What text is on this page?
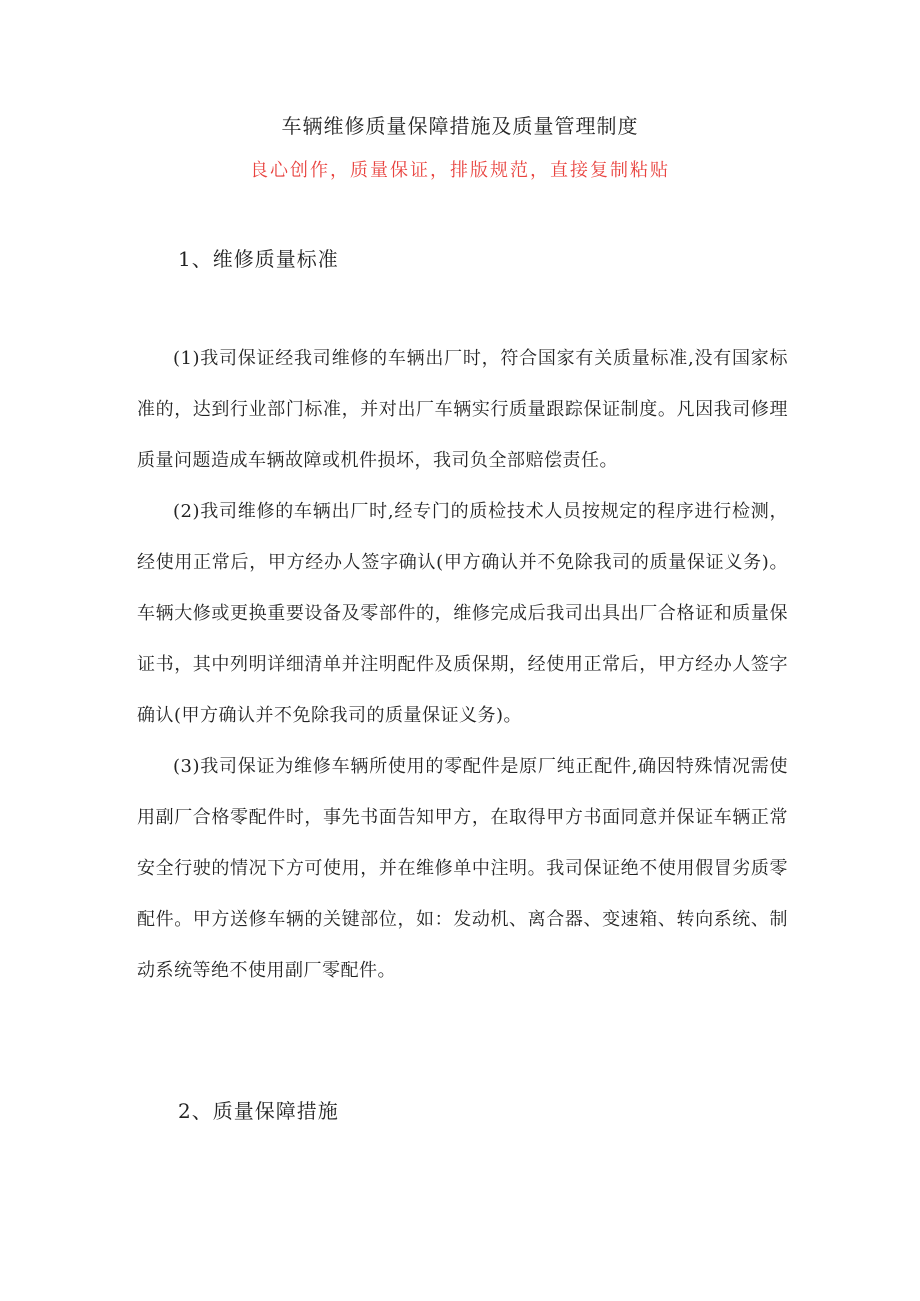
车辆维修质量保障措施及质量管理制度
良心创作，质量保证，排版规范，直接复制粘贴
1、维修质量标准

(1)我司保证经我司维修的车辆出厂时，符合国家有关质量标准,没有国家标准的，达到行业部门标准，并对出厂车辆实行质量跟踪保证制度。凡因我司修理质量问题造成车辆故障或机件损坏，我司负全部赔偿责任。

(2)我司维修的车辆出厂时,经专门的质检技术人员按规定的程序进行检测，经使用正常后，甲方经办人签字确认(甲方确认并不免除我司的质量保证义务)。车辆大修或更换重要设备及零部件的，维修完成后我司出具出厂合格证和质量保证书，其中列明详细清单并注明配件及质保期，经使用正常后，甲方经办人签字确认(甲方确认并不免除我司的质量保证义务)。

(3)我司保证为维修车辆所使用的零配件是原厂纯正配件,确因特殊情况需使用副厂合格零配件时，事先书面告知甲方，在取得甲方书面同意并保证车辆正常安全行驶的情况下方可使用，并在维修单中注明。我司保证绝不使用假冒劣质零配件。甲方送修车辆的关键部位，如：发动机、离合器、变速箱、转向系统、制动系统等绝不使用副厂零配件。

2、质量保障措施
